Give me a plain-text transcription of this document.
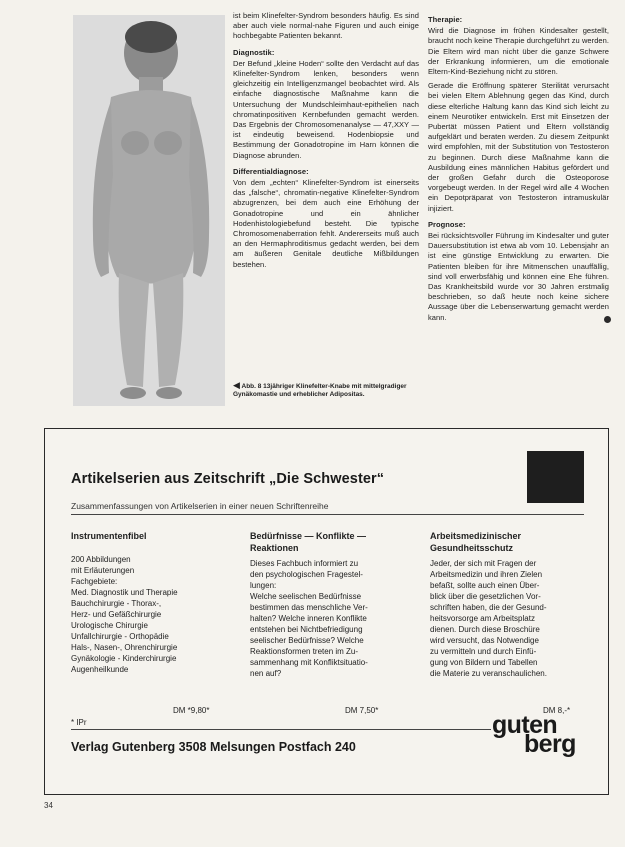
ist beim Klinefelter-Syndrom besonders häufig. Es sind aber auch viele normal-nahe Figuren und auch einige hochbegabte Patienten bekannt.

Diagnostik:

Der Befund „kleine Hoden“ sollte den Verdacht auf das Klinefelter-Syndrom lenken, besonders wenn gleichzeitig ein Intelligenzmangel beobachtet wird. Als einfache diagnostische Maßnahme kann die Untersuchung der Mundschleimhaut-epithelien nach chromatinpositiven Kernbefunden gemacht werden. Das Ergebnis der Chromosomenanalyse — 47,XXY — ist eindeutig beweisend. Hodenbiopsie und Bestimmung der Gonadotropine im Harn können die Diagnose abrunden.

Differentialdiagnose:

Von dem „echten“ Klinefelter-Syndrom ist einerseits das „falsche“, chromatin-negative Klinefelter-Syndrom abzugrenzen, bei dem auch eine Erhöhung der Gonadotropine und ein ähnlicher Hodenhistologiebefund besteht. Die typische Chromosomenaberration fehlt. Andererseits muß auch an den Hermaphroditismus gedacht werden, bei dem am äußeren Genitale deutliche Mißbildungen bestehen.

◀ Abb. 8 13jähriger Klinefelter-Knabe mit mittelgradiger Gynäkomastie und erheblicher Adipositas.
Therapie:

Wird die Diagnose im frühen Kindesalter gestellt, braucht noch keine Therapie durchgeführt zu werden. Die Eltern wird man nicht über die ganze Schwere der Erkrankung informieren, um die emotionale Eltern-Kind-Beziehung nicht zu stören.

Gerade die Eröffnung späterer Sterilität verursacht bei vielen Eltern Ablehnung gegen das Kind, durch diese elterliche Haltung kann das Kind sich leicht zu einem Neurotiker entwickeln. Erst mit Einsetzen der Pubertät müssen Patient und Eltern vollständig aufgeklärt und beraten werden. Zu diesem Zeitpunkt wird empfohlen, mit der Substitution von Testosteron zu beginnen. Durch diese Maßnahme kann die Ausbildung eines männlichen Habitus gefördert und der großen Gefahr durch die Osteoporose vorgebeugt werden. In der Regel wird alle 4 Wochen ein Depotpräparat von Testosteron intramuskulär injiziert.

Prognose:

Bei rücksichtsvoller Führung im Kindesalter und guter Dauersubstitution ist etwa ab vom 10. Lebensjahr an ist eine günstige Entwicklung zu erwarten. Die Patienten bleiben für ihre Mitmenschen unauffällig, sind voll erwerbsfähig und können eine Ehe führen. Das Krankheitsbild wurde vor 30 Jahren erstmalig beschrieben, so daß heute noch keine sichere Aussage über die Lebenserwartung gemacht werden kann.

Artikelserien aus Zeitschrift „Die Schwester“
Zusammenfassungen von Artikelserien in einer neuen Schriftenreihe
Instrumentenfibel
200 Abbildungen
mit Erläuterungen
Fachgebiete:
Med. Diagnostik und Therapie
Bauchchirurgie - Thorax-,
Herz- und Gefäßchirurgie
Urologische Chirurgie
Unfallchirurgie - Orthopädie
Hals-, Nasen-, Ohrenchirurgie
Gynäkologie - Kinderchirurgie
Augenheilkunde
DM *9,80*
Bedürfnisse — Konflikte — Reaktionen
Dieses Fachbuch informiert zu
den psychologischen Fragestel-
lungen:
Welche seelischen Bedürfnisse
bestimmen das menschliche Ver-
halten? Welche inneren Konflikte
entstehen bei Nichtbefriedigung
seelischer Bedürfnisse? Welche
Reaktionsformen treten im Zu-
sammenhang mit Konfliktsituatio-
nen auf?
DM 7,50*
Arbeitsmedizinischer Gesundheitsschutz
Jeder, der sich mit Fragen der
Arbeitsmedizin und ihren Zielen
befaßt, sollte auch einen Über-
blick über die gesetzlichen Vor-
schriften haben, die der Gesund-
heitsvorsorge am Arbeitsplatz
dienen. Durch diese Broschüre
wird versucht, das Notwendige
zu vermitteln und durch Einfü-
gung von Bildern und Tabellen
die Materie zu veranschaulichen.
DM 8,-*
* IPr
Verlag Gutenberg 3508 Melsungen Postfach 240
guten
berg
34
